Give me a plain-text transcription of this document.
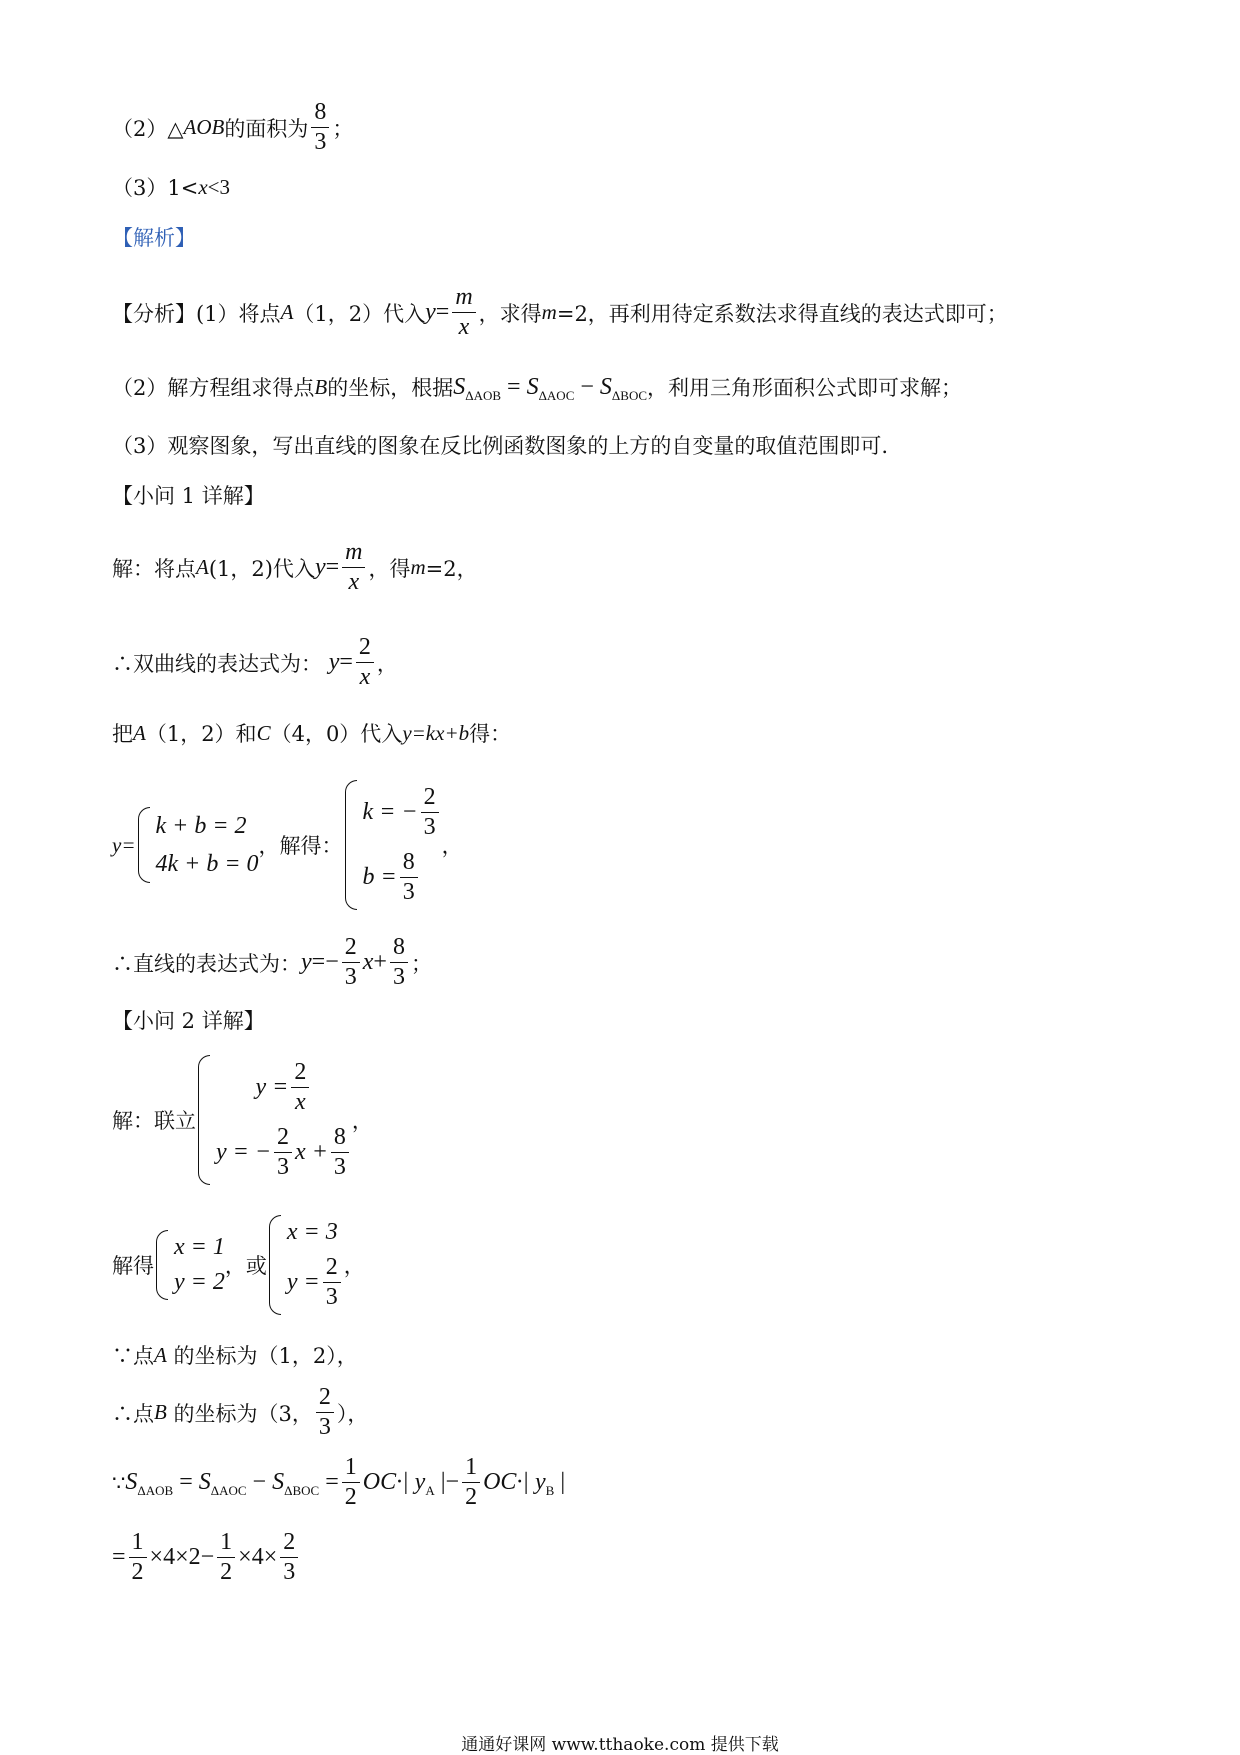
（2）△ AOB 的面积为 $\frac{8}{3}$ ；
（3）1< x <3
【解析】
【分析】(1）将点 A （1，2）代入 $y = \frac{m}{x}$ ，求得 m =2，再利用待定系数法求得直线的表达式即可；
（2）解方程组求得点 B 的坐标，根据 $S_{\Delta AOB} = S_{\Delta AOC} - S_{\Delta BOC}$ ，利用三角形面积公式即可求解；
（3）观察图象，写出直线的图象在反比例函数图象的上方的自变量的取值范围即可.
【小问 1 详解】
解：将点 A (1，2)代入 $y = \frac{m}{x}$ ，得 m =2，
∴双曲线的表达式为：
$y = \frac{2}{x}$ ，
把 A （1，2）和 C （4，0）代入 y=kx+b 得：
y=
k + b = 2
4k + b = 0
，解得：
k = − $\frac{2}{3}$
$b = \frac{8}{3}$
，
∴直线的表达式为： $y =- \frac{2}{3}$ $x + \frac{8}{3}$ ；
【小问 2 详解】
解：联立
$y = \frac{2}{x}$
y = − $\frac{2}{3}$ $x + \frac{8}{3}$
，
解得
x = 1
y = 2
，或
x = 3
$y = \frac{2}{3}$ ，
∵点 A
的坐标为（1，2），
∴点 B
的坐标为（3， $\frac{2}{3}$ ），
∵ $S_{\Delta AOB} = S_{\Delta AOC} - S_{\Delta BOC} = \frac{1}{2} OC\cdot|$ $y_A$ |− $\frac{1}{2} OC\cdot|$ $y_B$ |
= $\frac{1}{2} \times 4\times 2- \frac{1}{2} \times 4\times \frac{2}{3}$
通通好课网 www.tthaoke.com 提供下载
